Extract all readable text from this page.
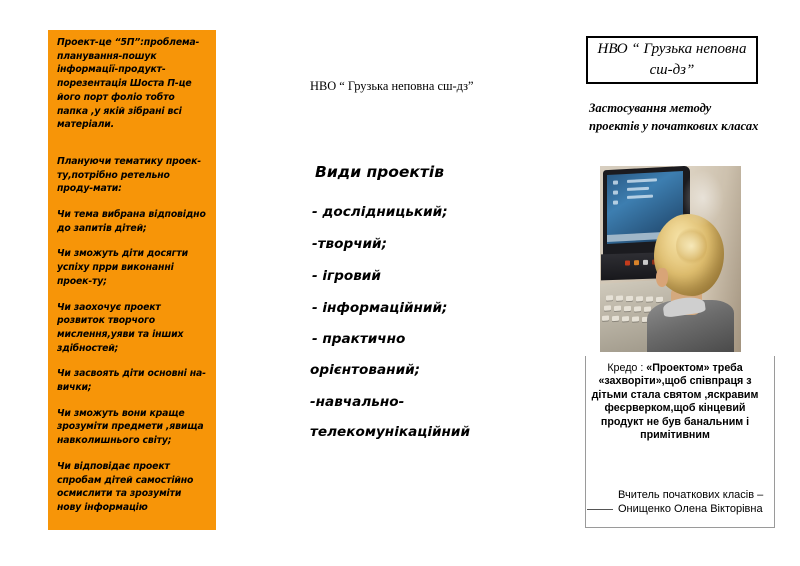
Проект-це “5П”:проблема-планування-пошук інформації-продукт-порезентація Шоста П-це його порт фоліо тобто папка ,у якій зібрані всі матеріали.
Плануючи тематику проек-ту,потрібно ретельно проду-мати:
Чи тема вибрана відповідно до запитів дітей;
Чи зможуть діти досягти успіху прри виконанні проек-ту;
Чи заохочує проект розвиток творчого мислення,уяви та інших здібностей;
Чи засвоять діти основні на-вички;
Чи зможуть вони краще зрозуміти предмети ,явища навколишнього світу;
Чи відповідає проект спробам дітей самостійно осмислити та зрозуміти нову інформацію
НВО “ Грузька неповна сш-дз”
Види проектів
- дослідницький;
-творчий;
- ігровий
- інформаційний;
- практично
орієнтований;
-навчально-
телекомунікаційний
НВО “ Грузька неповна сш-дз”
Застосування методу проектів у початкових класах
Кредо : «Проектом» треба «захворіти»,щоб співпраця з дітьми стала святом ,яскравим феєрверком,щоб кінцевий продукт не був банальним і примітивним
Вчитель початкових класів –Онищенко Олена Вікторівна
